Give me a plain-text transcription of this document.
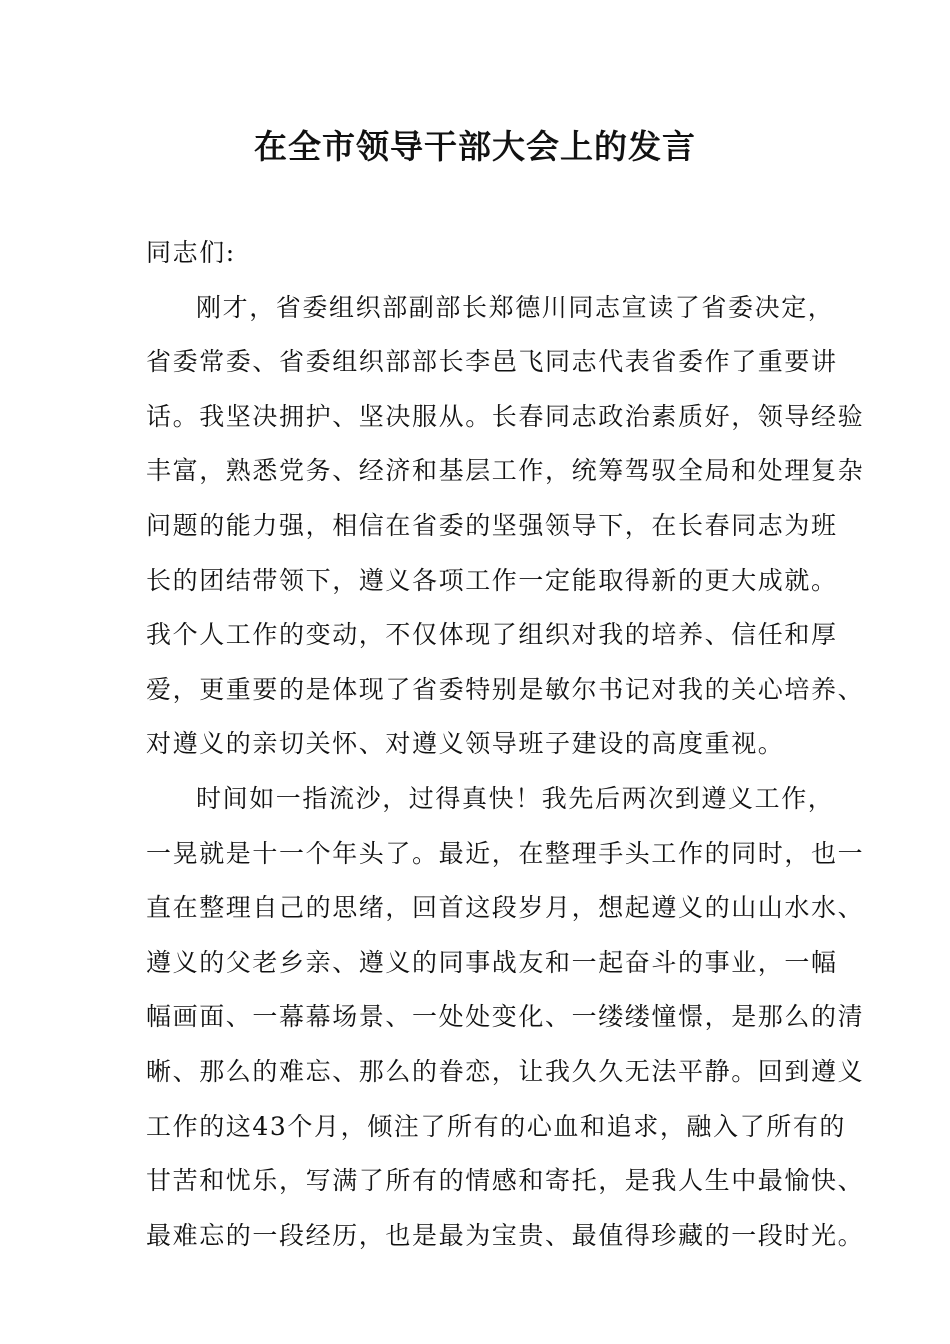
在全市领导干部大会上的发言
同志们:
刚才，省委组织部副部长郑德川同志宣读了省委决定，
省委常委、省委组织部部长李邑飞同志代表省委作了重要讲
话。我坚决拥护、坚决服从。长春同志政治素质好，领导经验
丰富，熟悉党务、经济和基层工作，统筹驾驭全局和处理复杂
问题的能力强，相信在省委的坚强领导下，在长春同志为班
长的团结带领下，遵义各项工作一定能取得新的更大成就。
我个人工作的变动，不仅体现了组织对我的培养、信任和厚
爱，更重要的是体现了省委特别是敏尔书记对我的关心培养、
对遵义的亲切关怀、对遵义领导班子建设的高度重视。
时间如一指流沙，过得真快！我先后两次到遵义工作，
一晃就是十一个年头了。最近，在整理手头工作的同时，也一
直在整理自己的思绪，回首这段岁月，想起遵义的山山水水、
遵义的父老乡亲、遵义的同事战友和一起奋斗的事业，一幅
幅画面、一幕幕场景、一处处变化、一缕缕憧憬，是那么的清
晰、那么的难忘、那么的眷恋，让我久久无法平静。回到遵义
工作的这43个月，倾注了所有的心血和追求，融入了所有的
甘苦和忧乐，写满了所有的情感和寄托，是我人生中最愉快、
最难忘的一段经历，也是最为宝贵、最值得珍藏的一段时光。
